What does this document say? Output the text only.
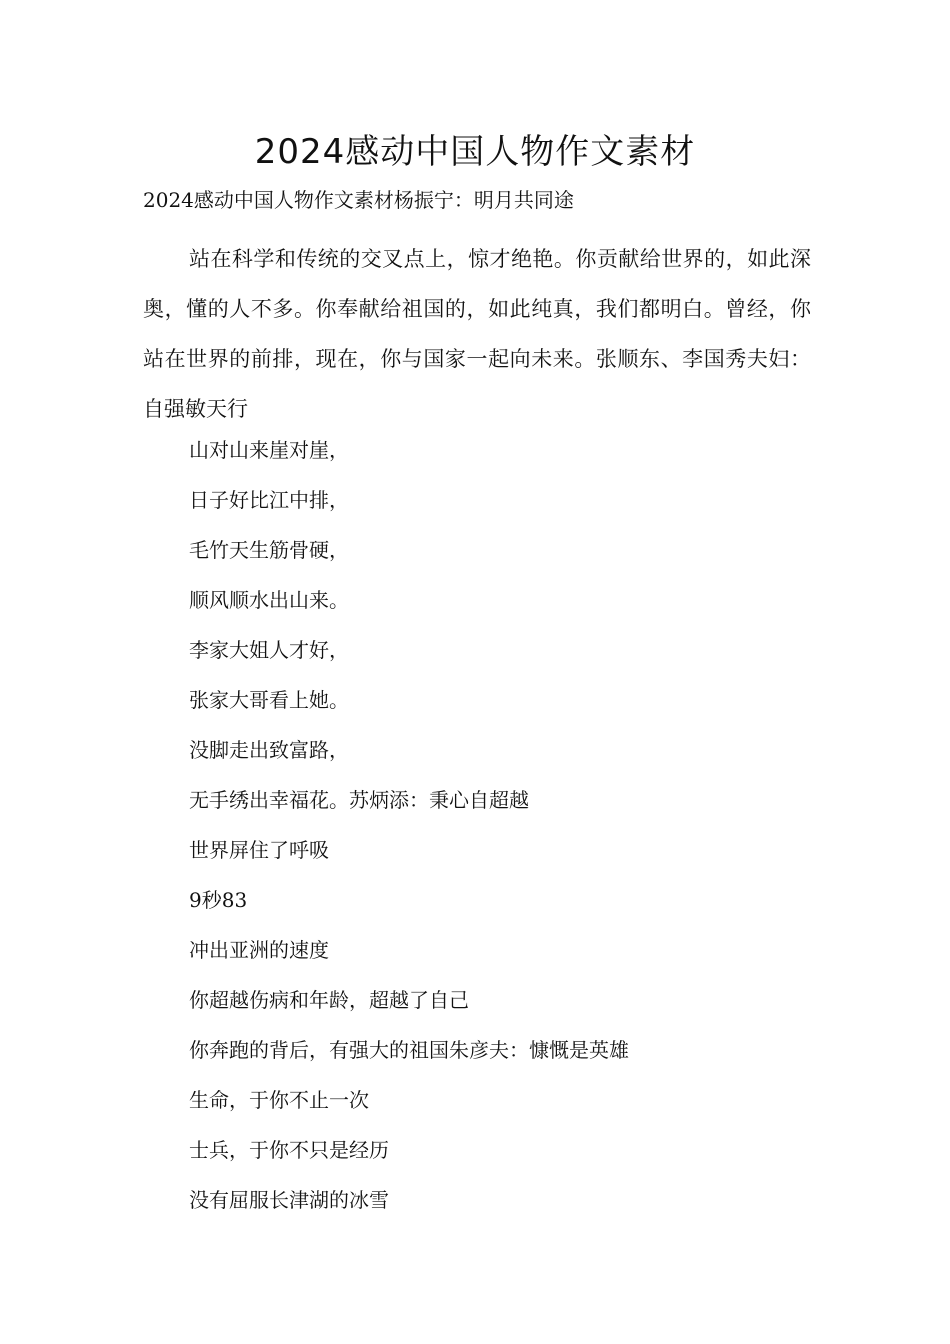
2024感动中国人物作文素材
2024感动中国人物作文素材杨振宁：明月共同途
站在科学和传统的交叉点上，惊才绝艳。你贡献给世界的，如此深奥，懂的人不多。你奉献给祖国的，如此纯真，我们都明白。曾经，你站在世界的前排，现在，你与国家一起向未来。张顺东、李国秀夫妇：自强敏天行
山对山来崖对崖，
日子好比江中排，
毛竹天生筋骨硬，
顺风顺水出山来。
李家大姐人才好，
张家大哥看上她。
没脚走出致富路，
无手绣出幸福花。苏炳添：秉心自超越
世界屏住了呼吸
9秒83
冲出亚洲的速度
你超越伤病和年龄，超越了自己
你奔跑的背后，有强大的祖国朱彦夫：慷慨是英雄
生命，于你不止一次
士兵，于你不只是经历
没有屈服长津湖的冰雪
